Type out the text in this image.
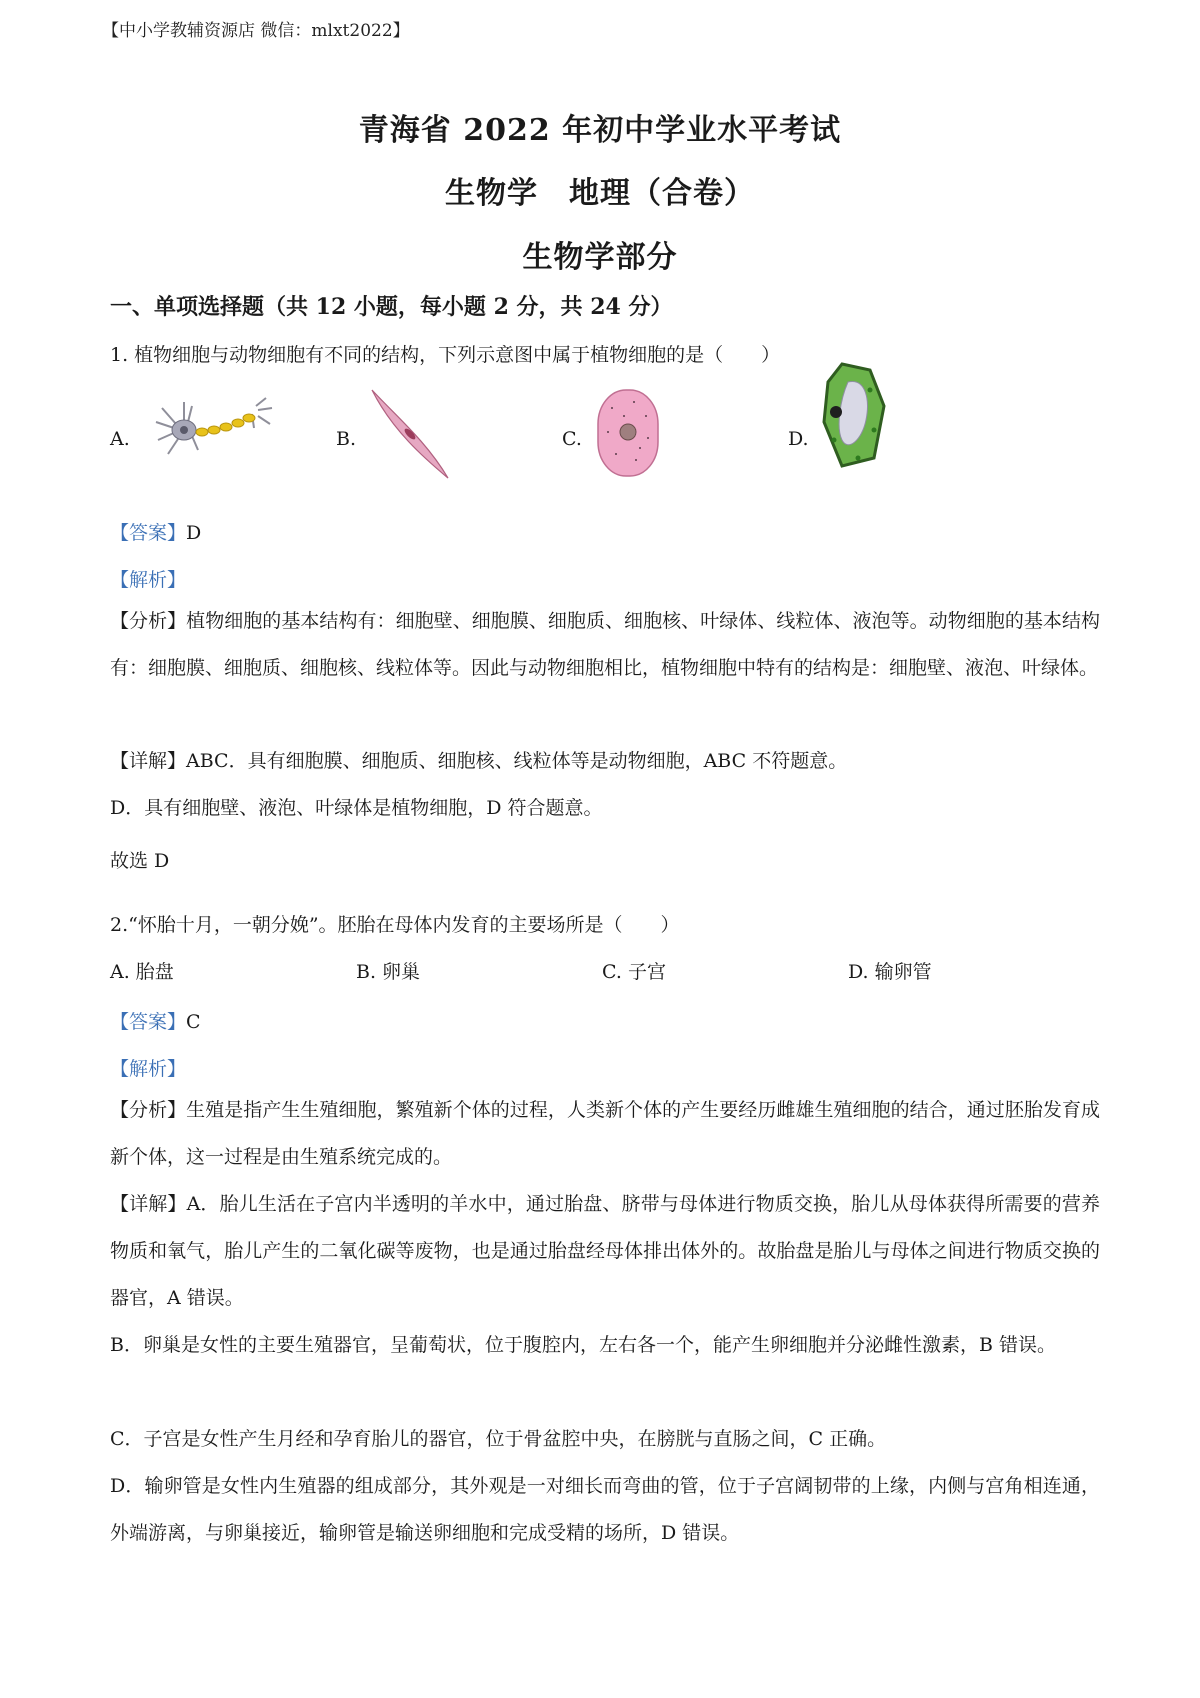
【中小学教辅资源店 微信：mlxt2022】
青海省 2022 年初中学业水平考试
生物学　地理（合卷）
生物学部分
一、单项选择题（共 12 小题，每小题 2 分，共 24 分）
1. 植物细胞与动物细胞有不同的结构，下列示意图中属于植物细胞的是（　　）
A.	B.	C.	D.
【答案】D
【解析】
【分析】植物细胞的基本结构有：细胞壁、细胞膜、细胞质、细胞核、叶绿体、线粒体、液泡等。动物细胞的基本结构有：细胞膜、细胞质、细胞核、线粒体等。因此与动物细胞相比，植物细胞中特有的结构是：细胞壁、液泡、叶绿体。
【详解】ABC．具有细胞膜、细胞质、细胞核、线粒体等是动物细胞，ABC 不符题意。
D．具有细胞壁、液泡、叶绿体是植物细胞，D 符合题意。
故选 D
2.“怀胎十月，一朝分娩”。胚胎在母体内发育的主要场所是（　　）
A. 胎盘	B. 卵巢	C. 子宫	D. 输卵管
【答案】C
【解析】
【分析】生殖是指产生生殖细胞，繁殖新个体的过程，人类新个体的产生要经历雌雄生殖细胞的结合，通过胚胎发育成新个体，这一过程是由生殖系统完成的。
【详解】A．胎儿生活在子宫内半透明的羊水中，通过胎盘、脐带与母体进行物质交换，胎儿从母体获得所需要的营养物质和氧气，胎儿产生的二氧化碳等废物，也是通过胎盘经母体排出体外的。故胎盘是胎儿与母体之间进行物质交换的器官，A 错误。
B．卵巢是女性的主要生殖器官，呈葡萄状，位于腹腔内，左右各一个，能产生卵细胞并分泌雌性激素，B 错误。
C．子宫是女性产生月经和孕育胎儿的器官，位于骨盆腔中央，在膀胱与直肠之间，C 正确。
D．输卵管是女性内生殖器的组成部分，其外观是一对细长而弯曲的管，位于子宫阔韧带的上缘，内侧与宫角相连通，外端游离，与卵巢接近，输卵管是输送卵细胞和完成受精的场所，D 错误。
